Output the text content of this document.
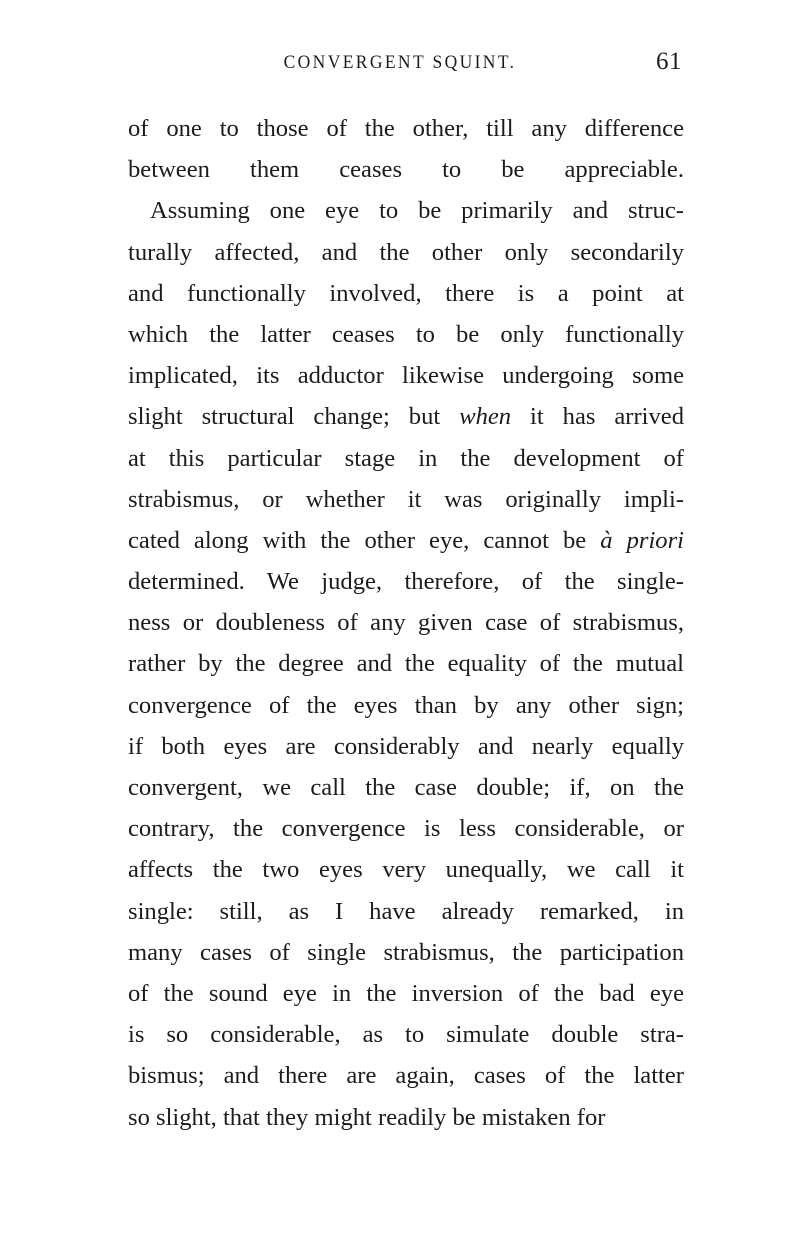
CONVERGENT SQUINT.	61
of one to those of the other, till any difference
between them ceases to be appreciable.
Assuming one eye to be primarily and struc-
turally affected, and the other only secondarily
and functionally involved, there is a point at
which the latter ceases to be only functionally
implicated, its adductor likewise undergoing some
slight structural change; but when it has arrived
at this particular stage in the development of
strabismus, or whether it was originally impli-
cated along with the other eye, cannot be à priori
determined. We judge, therefore, of the single-
ness or doubleness of any given case of strabismus,
rather by the degree and the equality of the mutual
convergence of the eyes than by any other sign;
if both eyes are considerably and nearly equally
convergent, we call the case double; if, on the
contrary, the convergence is less considerable, or
affects the two eyes very unequally, we call it
single: still, as I have already remarked, in
many cases of single strabismus, the participation
of the sound eye in the inversion of the bad eye
is so considerable, as to simulate double stra-
bismus; and there are again, cases of the latter
so slight, that they might readily be mistaken for
